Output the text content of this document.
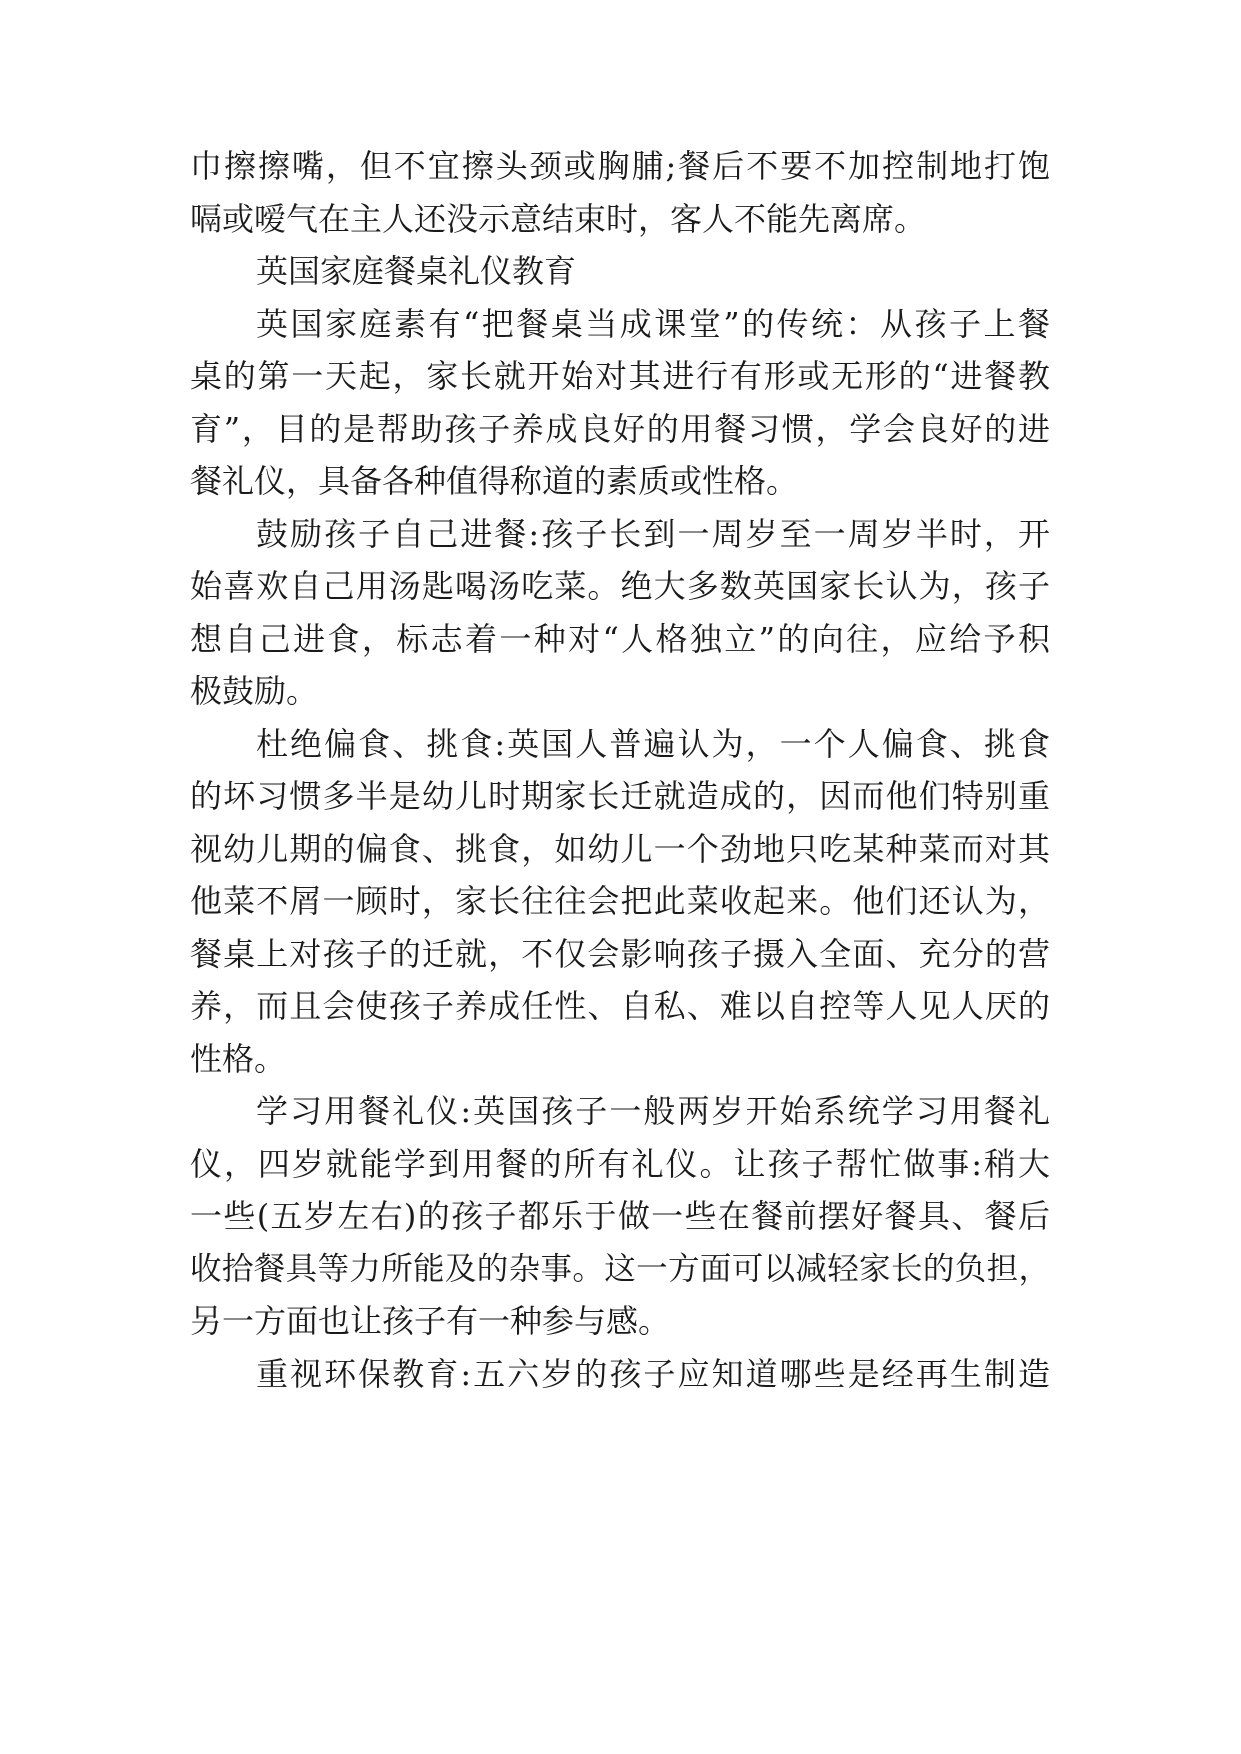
巾擦擦嘴，但不宜擦头颈或胸脯;餐后不要不加控制地打饱
嗝或嗳气在主人还没示意结束时，客人不能先离席。
英国家庭餐桌礼仪教育
英国家庭素有“把餐桌当成课堂”的传统：从孩子上餐
桌的第一天起，家长就开始对其进行有形或无形的“进餐教
育”，目的是帮助孩子养成良好的用餐习惯，学会良好的进
餐礼仪，具备各种值得称道的素质或性格。
鼓励孩子自己进餐:孩子长到一周岁至一周岁半时，开
始喜欢自己用汤匙喝汤吃菜。绝大多数英国家长认为，孩子
想自己进食，标志着一种对“人格独立”的向往，应给予积
极鼓励。
杜绝偏食、挑食:英国人普遍认为，一个人偏食、挑食
的坏习惯多半是幼儿时期家长迁就造成的，因而他们特别重
视幼儿期的偏食、挑食，如幼儿一个劲地只吃某种菜而对其
他菜不屑一顾时，家长往往会把此菜收起来。他们还认为，
餐桌上对孩子的迁就，不仅会影响孩子摄入全面、充分的营
养，而且会使孩子养成任性、自私、难以自控等人见人厌的
性格。
学习用餐礼仪:英国孩子一般两岁开始系统学习用餐礼
仪，四岁就能学到用餐的所有礼仪。让孩子帮忙做事:稍大
一些(五岁左右)的孩子都乐于做一些在餐前摆好餐具、餐后
收拾餐具等力所能及的杂事。这一方面可以减轻家长的负担，
另一方面也让孩子有一种参与感。
重视环保教育:五六岁的孩子应知道哪些是经再生制造
